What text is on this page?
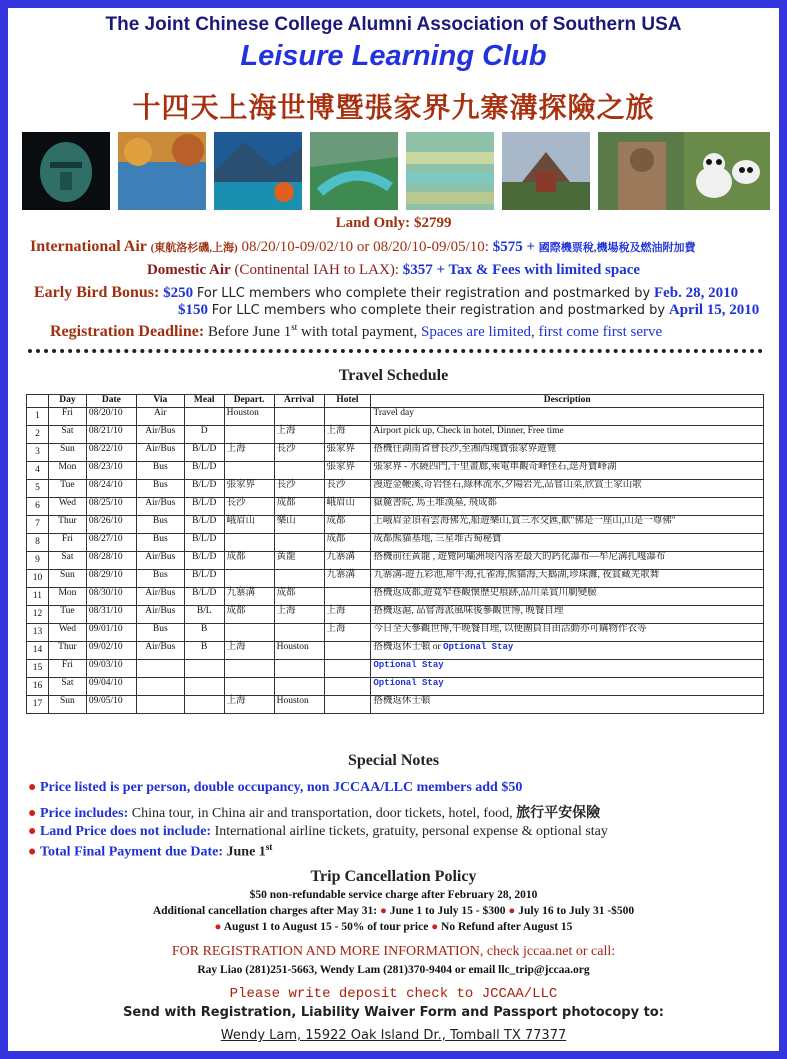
The Joint Chinese College Alumni Association of Southern USA
Leisure Learning Club
十四天上海世博暨張家界九寨溝探險之旅
Land Only: $2799
International Air (東航洛杉磯,上海) 08/20/10-09/02/10 or 08/20/10-09/05/10: $575 + 國際機票稅,機場稅及燃油附加費
Domestic Air (Continental IAH to LAX): $357 + Tax & Fees with limited space
Early Bird Bonus: $250 For LLC members who complete their registration and postmarked by Feb. 28, 2010
$150 For LLC members who complete their registration and postmarked by April 15, 2010
Registration Deadline: Before June 1st with total payment, Spaces are limited, first come first serve
Travel Schedule
	Day	Date	Via	Meal	Depart.	Arrival	Hotel	Description
1	Fri	08/20/10	Air		Houston			Travel day
2	Sat	08/21/10	Air/Bus	D		上海	上海	Airport pick up, Check in hotel, Dinner, Free time
3	Sun	08/22/10	Air/Bus	B/L/D	上海	長沙	張家界	搭機往湖南省會長沙,至湘西瑰寶張家界遊覽
4	Mon	08/23/10	Bus	B/L/D			張家界	張家界 - 水繞四門,千里畫廊,乘電車觀奇峰怪石,逕舟寶峰湖
5	Tue	08/24/10	Bus	B/L/D	張家界	長沙	長沙	漫遊金鞭溪,奇岩怪石,綠林流水,夕陽岩光,品嘗山菜,欣賞土家山歌
6	Wed	08/25/10	Air/Bus	B/L/D	長沙	成都	峨眉山	嶽麓書院, 馬王堆漢墓, 飛成都
7	Thur	08/26/10	Bus	B/L/D	峨眉山	樂山	成都	上峨眉金頂看雲海佛光,船遊樂山,賞三水交匯,歡"佛是一座山,山是一尊佛"
8	Fri	08/27/10	Bus	B/L/D			成都	成都熊貓基地, 三星堆古蜀秘寶
9	Sat	08/28/10	Air/Bus	B/L/D	成都	黃龍	九寨溝	搭機前往黃龍 , 遊覽阿壩洲境內落差最大的鈣化瀑布—牟尼溝扎嘎瀑布
10	Sun	08/29/10	Bus	B/L/D			九寨溝	九寨溝-遊五彩池,犀牛海,孔雀海,熊貓海,天鵝湖,珍珠灘, 夜賞藏羌歌舞
11	Mon	08/30/10	Air/Bus	B/L/D	九寨溝	成都		搭機返成都,遊寬窄巷觀懷歷史痕跡,品川菜賞川劇變臉
12	Tue	08/31/10	Air/Bus	B/L	成都	上海	上海	搭機返滬, 品嘗海派風味後參觀世博, 晚餐自理
13	Wed	09/01/10	Bus	B			上海	今日全天參觀世博,午晚餐自理, 以便團員自由活動亦可購物作衣等
14	Thur	09/02/10	Air/Bus	B	上海	Houston		搭機返休士頓 or Optional Stay
15	Fri	09/03/10						Optional Stay
16	Sat	09/04/10						Optional Stay
17	Sun	09/05/10			上海	Houston		搭機返休士頓
Special Notes
● Price listed is per person, double occupancy, non JCCAA/LLC members add $50
● Price includes: China tour, in China air and transportation, door tickets, hotel, food, 旅行平安保險
● Land Price does not include: International airline tickets, gratuity, personal expense & optional stay
● Total Final Payment due Date: June 1st
Trip Cancellation Policy
$50 non-refundable service charge after February 28, 2010
Additional cancellation charges after May 31: ● June 1 to July 15 - $300 ● July 16 to July 31 -$500
● August 1 to August 15 - 50% of tour price ● No Refund after August 15
FOR REGISTRATION AND MORE INFORMATION, check jccaa.net or call:
Ray Liao (281)251-5663, Wendy Lam (281)370-9404 or email llc_trip@jccaa.org
Please write deposit check to JCCAA/LLC
Send with Registration, Liability Waiver Form and Passport photocopy to:
Wendy Lam, 15922 Oak Island Dr., Tomball TX 77377
